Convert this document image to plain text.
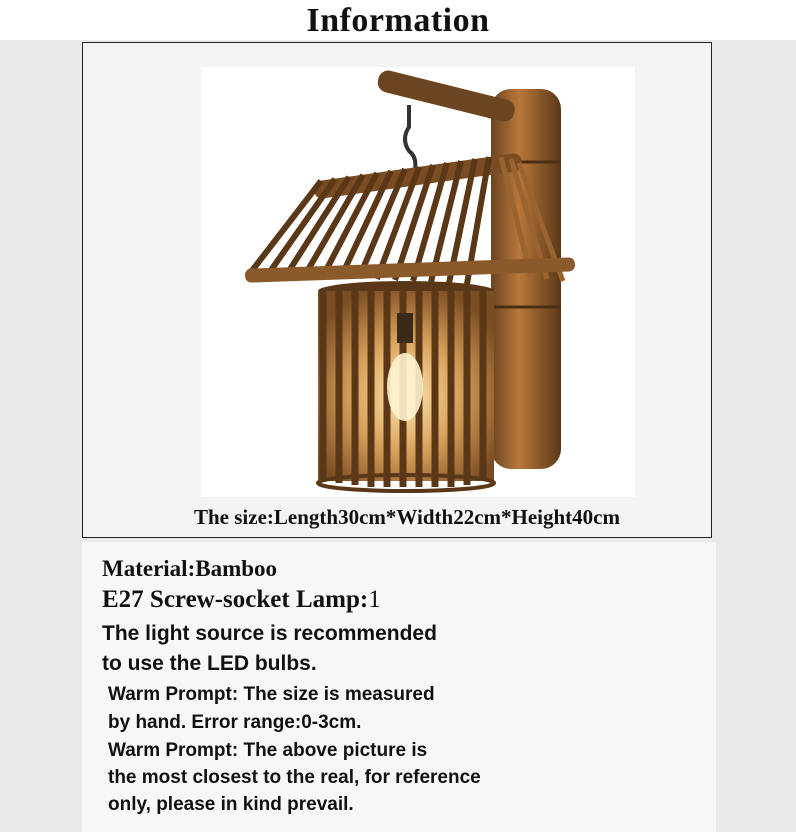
Information
The size:Length30cm*Width22cm*Height40cm
Material:Bamboo
E27 Screw-socket Lamp:1
The light source is recommended
to use the LED bulbs.
Warm Prompt: The size is measured
by hand. Error range:0-3cm.
Warm Prompt: The above picture is
the most closest to the real, for reference
only, please in kind prevail.
